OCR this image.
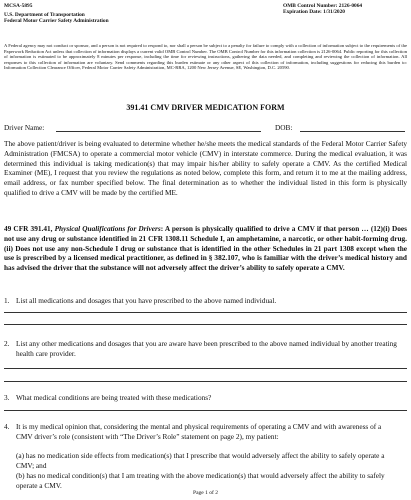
MCSA-5895
U.S. Department of Transportation
Federal Motor Carrier Safety Administration
OMB Control Number: 2126-0064
Expiration Date: 1/31/2020
A Federal agency may not conduct or sponsor, and a person is not required to respond to, nor shall a person be subject to a penalty for failure to comply with a collection of information subject to the requirements of the Paperwork Reduction Act unless that collection of information displays a current valid OMB Control Number. The OMB Control Number for this information collection is 2126-0064. Public reporting for this collection of information is estimated to be approximately 8 minutes per response, including the time for reviewing instructions, gathering the data needed, and completing and reviewing the collection of information. All responses to this collection of information are voluntary. Send comments regarding this burden estimate or any other aspect of this collection of information, including suggestions for reducing this burden to: Information Collection Clearance Officer, Federal Motor Carrier Safety Administration, MC-RRA, 1200 New Jersey Avenue, SE, Washington, D.C. 20590.
391.41 CMV DRIVER MEDICATION FORM
Driver Name:	DOB:
The above patient/driver is being evaluated to determine whether he/she meets the medical standards of the Federal Motor Carrier Safety Administration (FMCSA) to operate a commercial motor vehicle (CMV) in interstate commerce. During the medical evaluation, it was determined this individual is taking medication(s) that may impair his/her ability to safely operate a CMV. As the certified Medical Examiner (ME), I request that you review the regulations as noted below, complete this form, and return it to me at the mailing address, email address, or fax number specified below. The final determination as to whether the individual listed in this form is physically qualified to drive a CMV will be made by the certified ME.
49 CFR 391.41, Physical Qualifications for Drivers: A person is physically qualified to drive a CMV if that person … (12)(i) Does not use any drug or substance identified in 21 CFR 1308.11 Schedule I, an amphetamine, a narcotic, or other habit-forming drug. (ii) Does not use any non-Schedule I drug or substance that is identified in the other Schedules in 21 part 1308 except when the use is prescribed by a licensed medical practitioner, as defined in § 382.107, who is familiar with the driver’s medical history and has advised the driver that the substance will not adversely affect the driver’s ability to safely operate a CMV.
1. List all medications and dosages that you have prescribed to the above named individual.
2. List any other medications and dosages that you are aware have been prescribed to the above named individual by another treating health care provider.
3. What medical conditions are being treated with these medications?
4. It is my medical opinion that, considering the mental and physical requirements of operating a CMV and with awareness of a CMV driver’s role (consistent with “The Driver’s Role” statement on page 2), my patient:
(a) has no medication side effects from medication(s) that I prescribe that would adversely affect the ability to safely operate a CMV; and
(b) has no medical condition(s) that I am treating with the above medication(s) that would adversely affect the ability to safely operate a CMV.
Page 1 of 2
